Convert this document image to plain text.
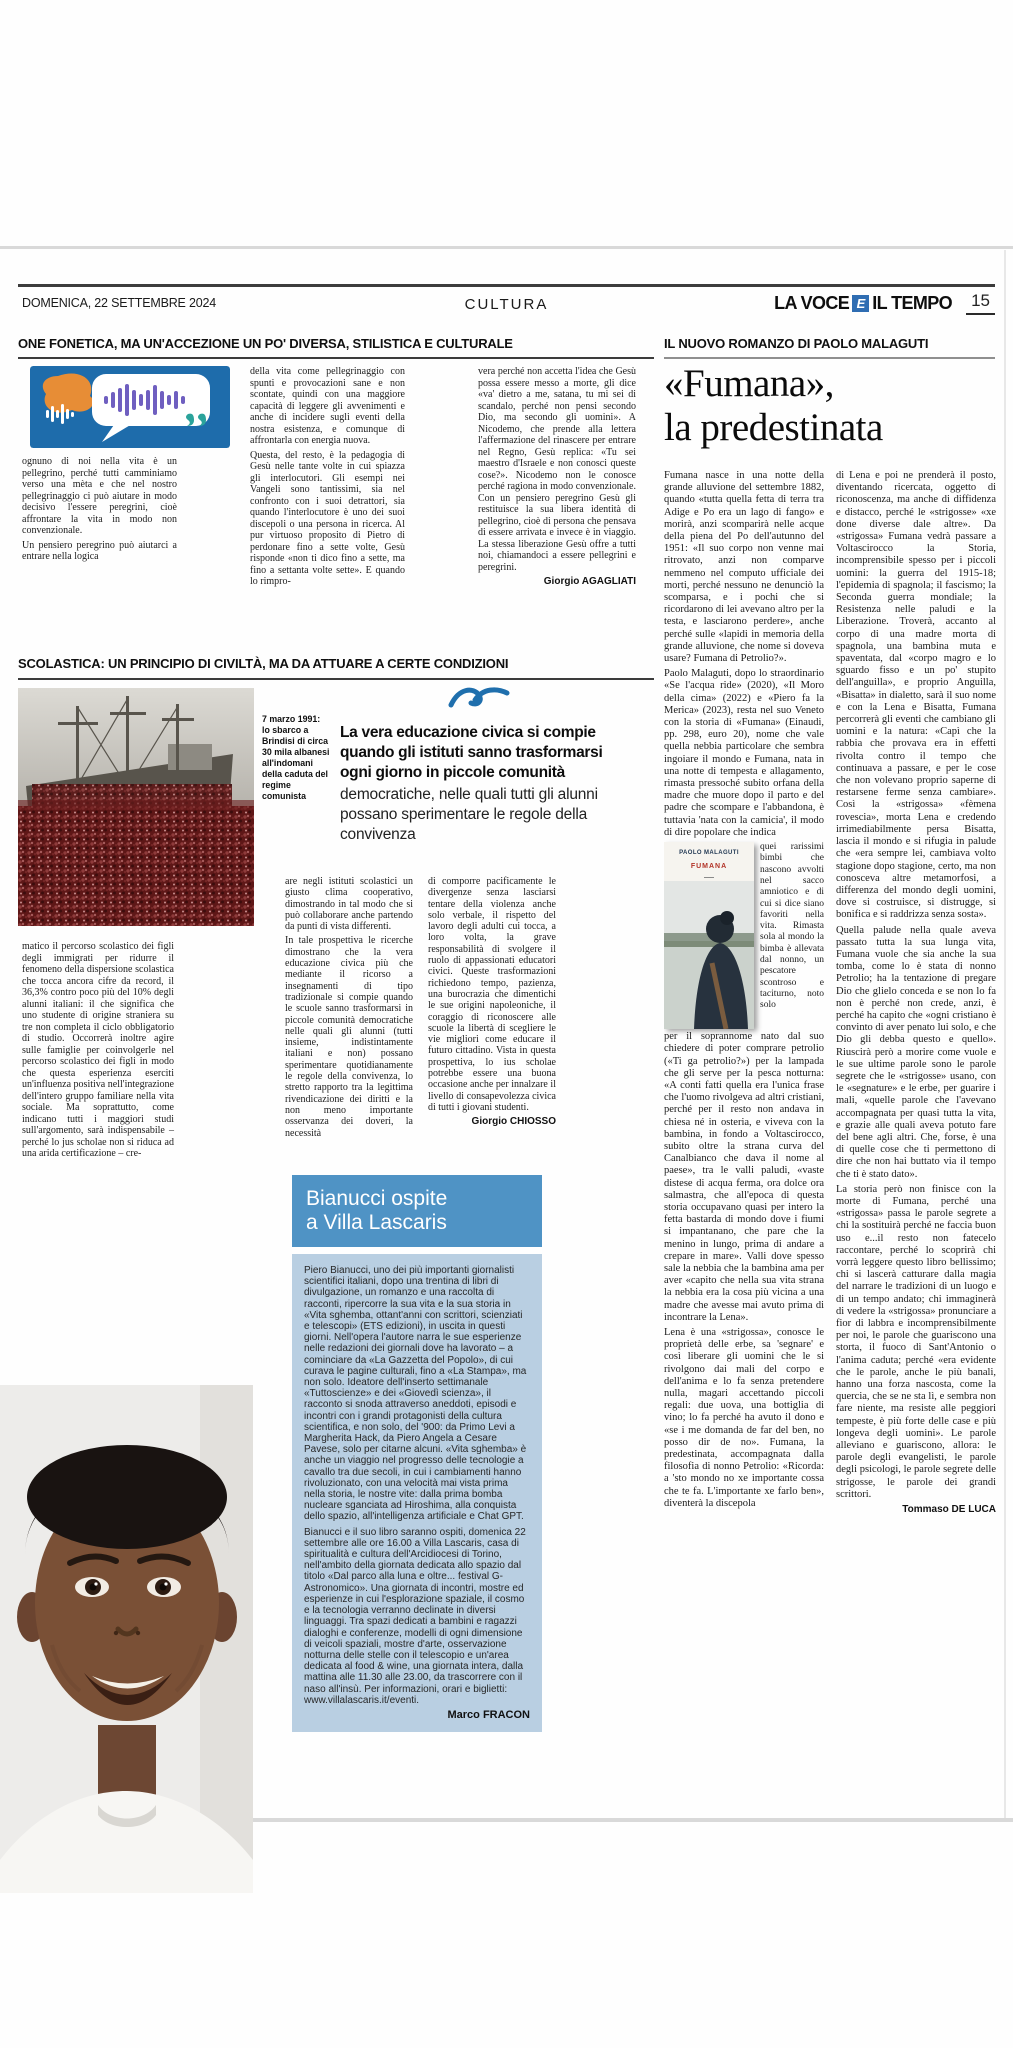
DOMENICA, 22 SETTEMBRE 2024	CULTURA	LA VOCE E IL TEMPO 15
ONE FONETICA, MA UN'ACCEZIONE UN PO' DIVERSA, STILISTICA E CULTURALE	IL NUOVO ROMANZO DI PAOLO MALAGUTI

ognuno di noi nella vita è un pellegrino, perché tutti camminiamo verso una mèta e che nel nostro pellegrinaggio ci può aiutare in modo decisivo l'essere peregrini, cioè affrontare la vita in modo non convenzionale.

Un pensiero peregrino può aiutarci a entrare nella logica

della vita come pellegrinaggio con spunti e provocazioni sane e non scontate, quindi con una maggiore capacità di leggere gli avvenimenti e anche di incidere sugli eventi della nostra esistenza, e comunque di affrontarla con energia nuova.

Questa, del resto, è la pedagogia di Gesù nelle tante volte in cui spiazza gli interlocutori. Gli esempi nei Vangeli sono tantissimi, sia nel confronto con i suoi detrattori, sia quando l'interlocutore è uno dei suoi discepoli o una persona in ricerca. Al pur virtuoso proposito di Pietro di perdonare fino a sette volte, Gesù risponde «non ti dico fino a sette, ma fino a settanta volte sette». E quando lo rimpro-

vera perché non accetta l'idea che Gesù possa essere messo a morte, gli dice «va' dietro a me, satana, tu mi sei di scandalo, perché non pensi secondo Dio, ma secondo gli uomini». A Nicodemo, che prende alla lettera l'affermazione del rinascere per entrare nel Regno, Gesù replica: «Tu sei maestro d'Israele e non conosci queste cose?». Nicodemo non le conosce perché ragiona in modo convenzionale. Con un pensiero peregrino Gesù gli restituisce la sua libera identità di pellegrino, cioè di persona che pensava di essere arrivata e invece è in viaggio. La stessa liberazione Gesù offre a tutti noi, chiamandoci a essere pellegrini e peregrini.

Giorgio AGAGLIATI
SCOLASTICA: UN PRINCIPIO DI CIVILTÀ, MA DA ATTUARE A CERTE CONDIZIONI
7 marzo 1991: lo sbarco a Brindisi di circa 30 mila albanesi all'indomani della caduta del regime comunista
La vera educazione civica si compie quando gli istituti sanno trasformarsi ogni giorno in piccole comunità
democratiche, nelle quali tutti gli alunni possano sperimentare le regole della convivenza

matico il percorso scolastico dei figli degli immigrati per ridurre il fenomeno della dispersione scolastica che tocca ancora cifre da record, il 36,3% contro poco più del 10% degli alunni italiani: il che significa che uno studente di origine straniera su tre non completa il ciclo obbligatorio di studio. Occorrerà inoltre agire sulle famiglie per coinvolgerle nel percorso scolastico dei figli in modo che questa esperienza eserciti un'influenza positiva nell'integrazione dell'intero gruppo familiare nella vita sociale. Ma soprattutto, come indicano tutti i maggiori studi sull'argomento, sarà indispensabile – perché lo jus scholae non si riduca ad una arida certificazione – cre-

are negli istituti scolastici un giusto clima cooperativo, dimostrando in tal modo che si può collaborare anche partendo da punti di vista differenti.

In tale prospettiva le ricerche dimostrano che la vera educazione civica più che mediante il ricorso a insegnamenti di tipo tradizionale si compie quando le scuole sanno trasformarsi in piccole comunità democratiche nelle quali gli alunni (tutti insieme, indistintamente italiani e non) possano sperimentare quotidianamente le regole della convivenza, lo stretto rapporto tra la legittima rivendicazione dei diritti e la non meno importante osservanza dei doveri, la necessità

di comporre pacificamente le divergenze senza lasciarsi tentare della violenza anche solo verbale, il rispetto del lavoro degli adulti cui tocca, a loro volta, la grave responsabilità di svolgere il ruolo di appassionati educatori civici. Queste trasformazioni richiedono tempo, pazienza, una burocrazia che dimentichi le sue origini napoleoniche, il coraggio di riconoscere alle scuole la libertà di scegliere le vie migliori come educare il futuro cittadino. Vista in questa prospettiva, lo ius scholae potrebbe essere una buona occasione anche per innalzare il livello di consapevolezza civica di tutti i giovani studenti.

Giorgio CHIOSSO
Bianucci ospite
a Villa Lascaris

Piero Bianucci, uno dei più importanti giornalisti scientifici italiani, dopo una trentina di libri di divulgazione, un romanzo e una raccolta di racconti, ripercorre la sua vita e la sua storia in «Vita sghemba, ottant'anni con scrittori, scienziati e telescopi» (ETS edizioni), in uscita in questi giorni. Nell'opera l'autore narra le sue esperienze nelle redazioni dei giornali dove ha lavorato – a cominciare da «La Gazzetta del Popolo», di cui curava le pagine culturali, fino a «La Stampa», ma non solo. Ideatore dell'inserto settimanale «Tuttoscienze» e dei «Giovedì scienza», il racconto si snoda attraverso aneddoti, episodi e incontri con i grandi protagonisti della cultura scientifica, e non solo, del '900: da Primo Levi a Margherita Hack, da Piero Angela a Cesare Pavese, solo per citarne alcuni. «Vita sghemba» è anche un viaggio nel progresso delle tecnologie a cavallo tra due secoli, in cui i cambiamenti hanno rivoluzionato, con una velocità mai vista prima nella storia, le nostre vite: dalla prima bomba nucleare sganciata ad Hiroshima, alla conquista dello spazio, all'intelligenza artificiale e Chat GPT.

Bianucci e il suo libro saranno ospiti, domenica 22 settembre alle ore 16.00 a Villa Lascaris, casa di spiritualità e cultura dell'Arcidiocesi di Torino, nell'ambito della giornata dedicata allo spazio dal titolo «Dal parco alla luna e oltre... festival G-Astronomico». Una giornata di incontri, mostre ed esperienze in cui l'esplorazione spaziale, il cosmo e la tecnologia verranno declinate in diversi linguaggi. Tra spazi dedicati a bambini e ragazzi dialoghi e conferenze, modelli di ogni dimensione di veicoli spaziali, mostre d'arte, osservazione notturna delle stelle con il telescopio e un'area dedicata al food & wine, una giornata intera, dalla mattina alle 11.30 alle 23.00, da trascorrere con il naso all'insù. Per informazioni, orari e biglietti: www.villalascaris.it/eventi.

Marco FRACON
«Fumana»,
la predestinata

Fumana nasce in una notte della grande alluvione del settembre 1882, quando «tutta quella fetta di terra tra Adige e Po era un lago di fango» e morirà, anzi scomparirà nelle acque della piena del Po dell'autunno del 1951: «Il suo corpo non venne mai ritrovato, anzi non comparve nemmeno nel computo ufficiale dei morti, perché nessuno ne denunciò la scomparsa, e i pochi che si ricordarono di lei avevano altro per la testa, e lasciarono perdere», anche perché sulle «lapidi in memoria della grande alluvione, che nome si doveva usare? Fumana di Petrolio?».

Paolo Malaguti, dopo lo straordinario «Se l'acqua ride» (2020), «Il Moro della cima» (2022) e «Piero fa la Merica» (2023), resta nel suo Veneto con la storia di «Fumana» (Einaudi, pp. 298, euro 20), nome che vale quella nebbia particolare che sembra ingoiare il mondo e Fumana, nata in una notte di tempesta e allagamento, rimasta pressoché subito orfana della madre che muore dopo il parto e del padre che scompare e l'abbandona, è tuttavia 'nata con la camicia', il modo di dire popolare che indica

PAOLO MALAGUTI
FUMANA
quei rarissimi bimbi che nascono avvolti nel sacco amniotico e di cui si dice siano favoriti nella vita. Rimasta sola al mondo la bimba è allevata dal nonno, un pescatore scontroso e taciturno, noto solo

per il soprannome nato dal suo chiedere di poter comprare petrolio («Ti ga petrolio?») per la lampada che gli serve per la pesca notturna: «A conti fatti quella era l'unica frase che l'uomo rivolgeva ad altri cristiani, perché per il resto non andava in chiesa né in osteria, e viveva con la bambina, in fondo a Voltascirocco, subito oltre la strana curva del Canalbianco che dava il nome al paese», tra le valli paludi, «vaste distese di acqua ferma, ora dolce ora salmastra, che all'epoca di questa storia occupavano quasi per intero la fetta bastarda di mondo dove i fiumi si impantanano, che pare che la menino in lungo, prima di andare a crepare in mare». Valli dove spesso sale la nebbia che la bambina ama per aver «capito che nella sua vita strana la nebbia era la cosa più vicina a una madre che avesse mai avuto prima di incontrare la Lena».

Lena è una «strigossa», conosce le proprietà delle erbe, sa 'segnare' e così liberare gli uomini che le si rivolgono dai mali del corpo e dell'anima e lo fa senza pretendere nulla, magari accettando piccoli regali: due uova, una bottiglia di vino; lo fa perché ha avuto il dono e «se i me domanda de far del ben, no posso dir de no». Fumana, la predestinata, accompagnata dalla filosofia di nonno Petrolio: «Ricorda: a 'sto mondo no xe importante cossa che te fa. L'importante xe farlo ben», diventerà la discepola

di Lena e poi ne prenderà il posto, diventando ricercata, oggetto di riconoscenza, ma anche di diffidenza e distacco, perché le «strigosse» «xe done diverse dale altre». Da «strigossa» Fumana vedrà passare a Voltascirocco la Storia, incomprensibile spesso per i piccoli uomini: la guerra del 1915-18; l'epidemia di spagnola; il fascismo; la Seconda guerra mondiale; la Resistenza nelle paludi e la Liberazione. Troverà, accanto al corpo di una madre morta di spagnola, una bambina muta e spaventata, dal «corpo magro e lo sguardo fisso e un po' stupito dell'anguilla», e proprio Anguilla, «Bisatta» in dialetto, sarà il suo nome e con la Lena e Bisatta, Fumana percorrerà gli eventi che cambiano gli uomini e la natura: «Capì che la rabbia che provava era in effetti rivolta contro il tempo che continuava a passare, e per le cose che non volevano proprio saperne di restarsene ferme senza cambiare». Così la «strigossa» «fèmena rovescia», morta Lena e credendo irrimediabilmente persa Bisatta, lascia il mondo e si rifugia in palude che «era sempre lei, cambiava volto stagione dopo stagione, certo, ma non conosceva altre metamorfosi, a differenza del mondo degli uomini, dove si costruisce, si distrugge, si bonifica e si raddrizza senza sosta».

Quella palude nella quale aveva passato tutta la sua lunga vita, Fumana vuole che sia anche la sua tomba, come lo è stata di nonno Petrolio; ha la tentazione di pregare Dio che glielo conceda e se non lo fa non è perché non crede, anzi, è perché ha capito che «ogni cristiano è convinto di aver penato lui solo, e che Dio gli debba questo e quello». Riuscirà però a morire come vuole e le sue ultime parole sono le parole segrete che le «strigosse» usano, con le «segnature» e le erbe, per guarire i mali, «quelle parole che l'avevano accompagnata per quasi tutta la vita, e grazie alle quali aveva potuto fare del bene agli altri. Che, forse, è una di quelle cose che ti permettono di dire che non hai buttato via il tempo che ti è stato dato».

La storia però non finisce con la morte di Fumana, perché una «strigossa» passa le parole segrete a chi la sostituirà perché ne faccia buon uso e...il resto non fatecelo raccontare, perché lo scoprirà chi vorrà leggere questo libro bellissimo; chi si lascerà catturare dalla magia del narrare le tradizioni di un luogo e di un tempo andato; chi immaginerà di vedere la «strigossa» pronunciare a fior di labbra e incomprensibilmente per noi, le parole che guariscono una storta, il fuoco di Sant'Antonio o l'anima caduta; perché «era evidente che le parole, anche le più banali, hanno una forza nascosta, come la quercia, che se ne sta lì, e sembra non fare niente, ma resiste alle peggiori tempeste, è più forte delle case e più longeva degli uomini». Le parole alleviano e guariscono, allora: le parole degli evangelisti, le parole degli psicologi, le parole segrete delle strigosse, le parole dei grandi scrittori.

Tommaso DE LUCA
